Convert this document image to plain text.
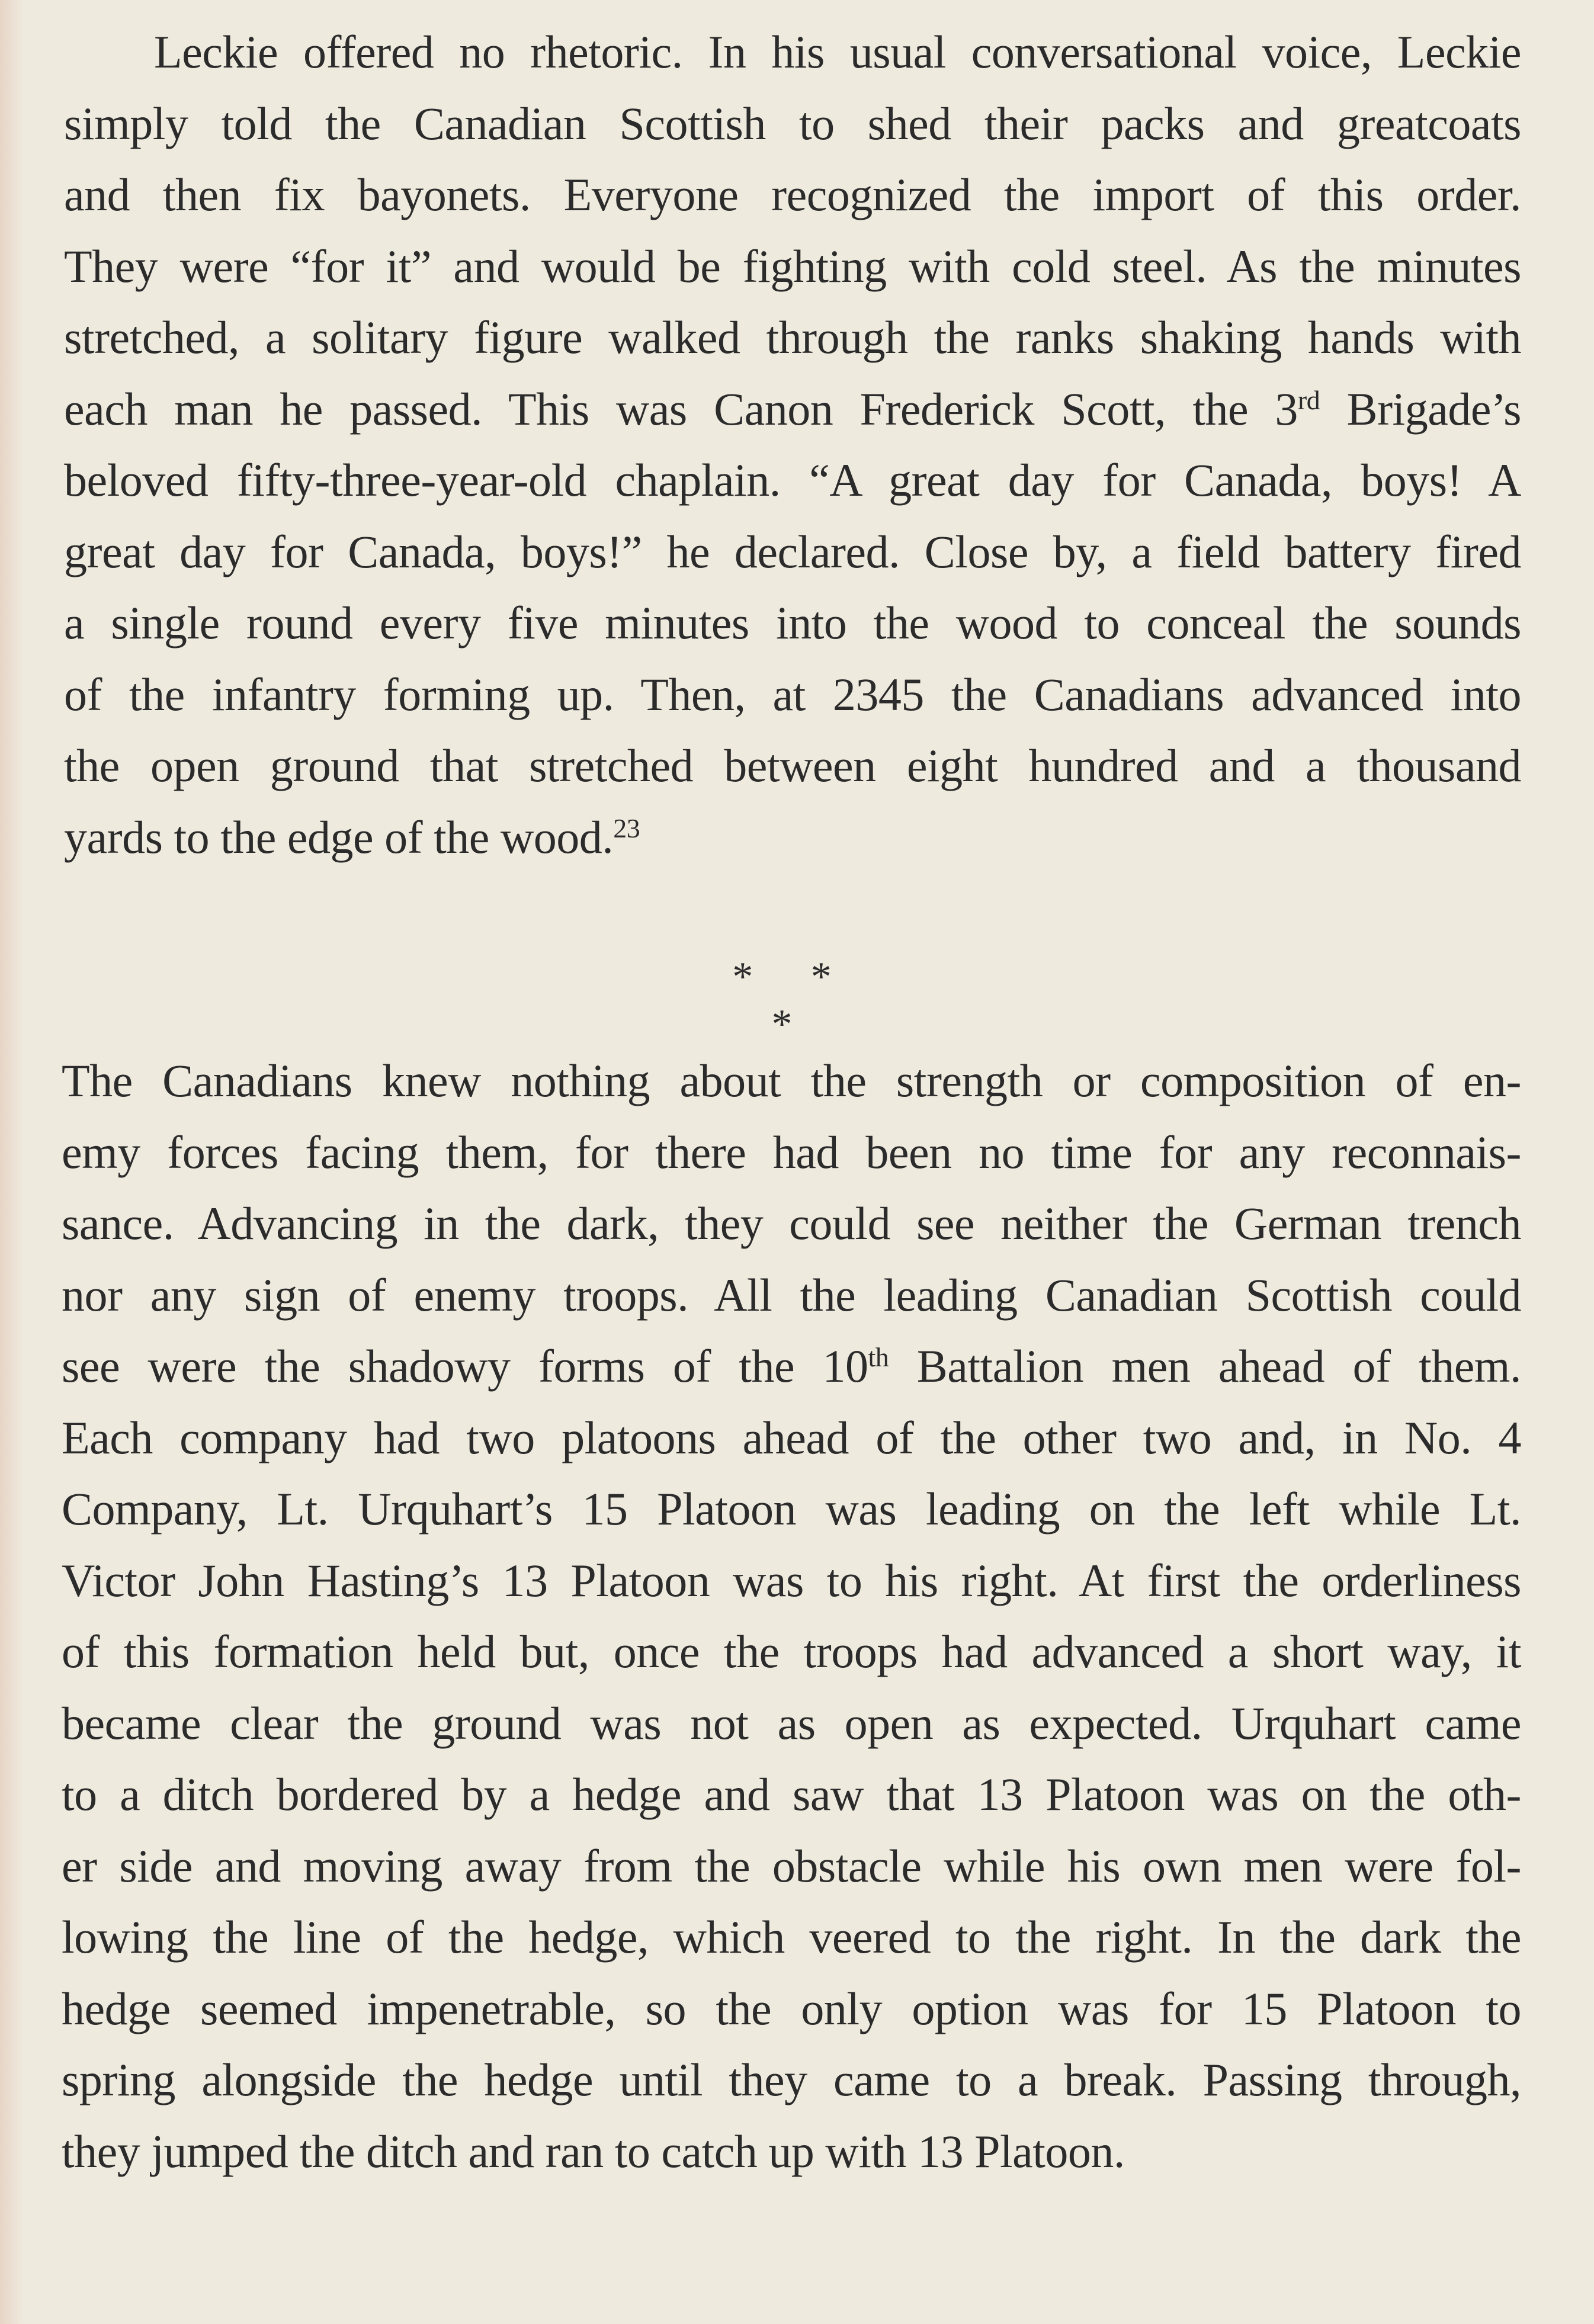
Leckie offered no rhetoric. In his usual conversational voice, Leckie
simply told the Canadian Scottish to shed their packs and greatcoats
and then fix bayonets. Everyone recognized the import of this order.
They were “for it” and would be fighting with cold steel. As the minutes
stretched, a solitary figure walked through the ranks shaking hands with
each man he passed. This was Canon Frederick Scott, the 3rd Brigade’s
beloved fifty-three-year-old chaplain. “A great day for Canada, boys! A
great day for Canada, boys!” he declared. Close by, a field battery fired
a single round every five minutes into the wood to conceal the sounds
of the infantry forming up. Then, at 2345 the Canadians advanced into
the open ground that stretched between eight hundred and a thousand
yards to the edge of the wood.$^{23}$
* * *
The Canadians knew nothing about the strength or composition of en-
emy forces facing them, for there had been no time for any reconnais-
sance. Advancing in the dark, they could see neither the German trench
nor any sign of enemy troops. All the leading Canadian Scottish could
see were the shadowy forms of the 10th Battalion men ahead of them.
Each company had two platoons ahead of the other two and, in No. 4
Company, Lt. Urquhart’s 15 Platoon was leading on the left while Lt.
Victor John Hasting’s 13 Platoon was to his right. At first the orderliness
of this formation held but, once the troops had advanced a short way, it
became clear the ground was not as open as expected. Urquhart came
to a ditch bordered by a hedge and saw that 13 Platoon was on the oth-
er side and moving away from the obstacle while his own men were fol-
lowing the line of the hedge, which veered to the right. In the dark the
hedge seemed impenetrable, so the only option was for 15 Platoon to
spring alongside the hedge until they came to a break. Passing through,
they jumped the ditch and ran to catch up with 13 Platoon.
